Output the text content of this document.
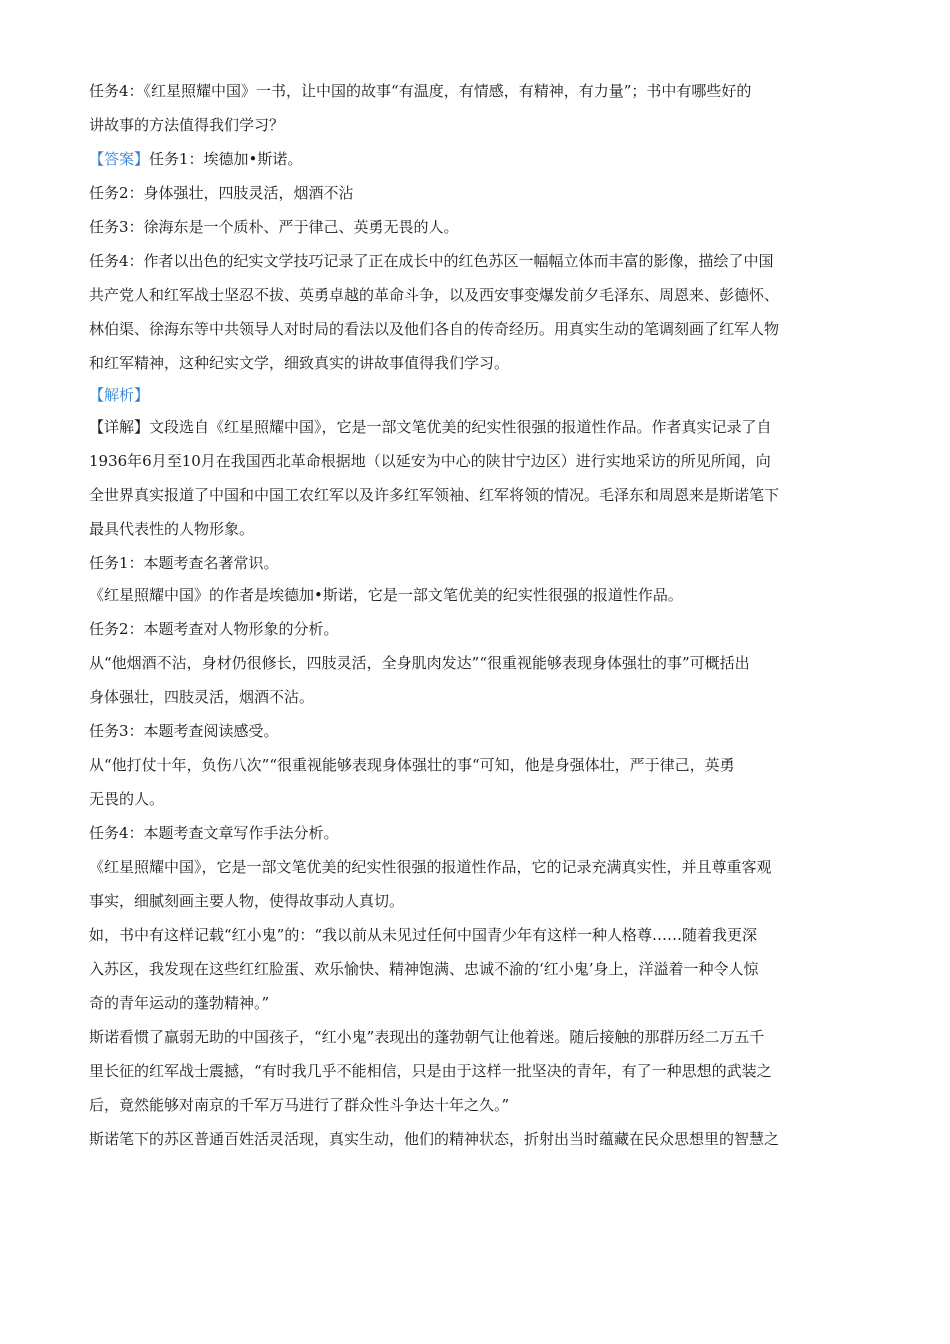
任务4：《红星照耀中国》一书，让中国的故事“有温度，有情感，有精神，有力量”；书中有哪些好的

讲故事的方法值得我们学习？

【答案】任务1：埃德加•斯诺。

任务2：身体强壮，四肢灵活，烟酒不沾

任务3：徐海东是一个质朴、严于律己、英勇无畏的人。

任务4：作者以出色的纪实文学技巧记录了正在成长中的红色苏区一幅幅立体而丰富的影像，描绘了中国

共产党人和红军战士坚忍不拔、英勇卓越的革命斗争，以及西安事变爆发前夕毛泽东、周恩来、彭德怀、

林伯渠、徐海东等中共领导人对时局的看法以及他们各自的传奇经历。用真实生动的笔调刻画了红军人物

和红军精神，这种纪实文学，细致真实的讲故事值得我们学习。

【解析】

【详解】文段选自《红星照耀中国》，它是一部文笔优美的纪实性很强的报道性作品。作者真实记录了自

1936年6月至10月在我国西北革命根据地（以延安为中心的陕甘宁边区）进行实地采访的所见所闻，向

全世界真实报道了中国和中国工农红军以及许多红军领袖、红军将领的情况。毛泽东和周恩来是斯诺笔下

最具代表性的人物形象。

任务1：本题考查名著常识。

《红星照耀中国》的作者是埃德加•斯诺，它是一部文笔优美的纪实性很强的报道性作品。

任务2：本题考查对人物形象的分析。

从“他烟酒不沾，身材仍很修长，四肢灵活，全身肌肉发达”“很重视能够表现身体强壮的事”可概括出

身体强壮，四肢灵活，烟酒不沾。

任务3：本题考查阅读感受。

从“他打仗十年，负伤八次”“很重视能够表现身体强壮的事“可知，他是身强体壮，严于律己，英勇

无畏的人。

任务4：本题考查文章写作手法分析。

《红星照耀中国》，它是一部文笔优美的纪实性很强的报道性作品，它的记录充满真实性，并且尊重客观

事实，细腻刻画主要人物，使得故事动人真切。

如，书中有这样记载“红小鬼”的：“我以前从未见过任何中国青少年有这样一种人格尊……随着我更深

入苏区，我发现在这些红红脸蛋、欢乐愉快、精神饱满、忠诚不渝的‘红小鬼’身上，洋溢着一种令人惊

奇的青年运动的蓬勃精神。”

斯诺看惯了羸弱无助的中国孩子，“红小鬼”表现出的蓬勃朝气让他着迷。随后接触的那群历经二万五千

里长征的红军战士震撼，“有时我几乎不能相信，只是由于这样一批坚决的青年，有了一种思想的武装之

后，竟然能够对南京的千军万马进行了群众性斗争达十年之久。”

斯诺笔下的苏区普通百姓活灵活现，真实生动，他们的精神状态，折射出当时蕴藏在民众思想里的智慧之
